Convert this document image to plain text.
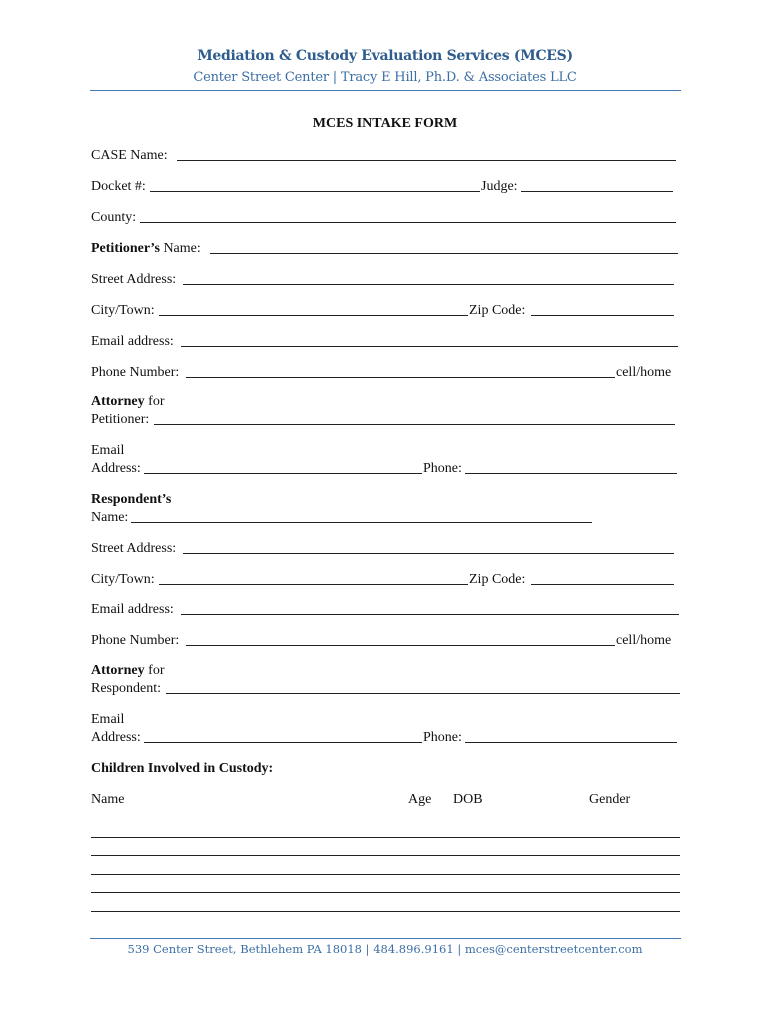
Mediation & Custody Evaluation Services (MCES)
Center Street Center | Tracy E Hill, Ph.D. & Associates LLC
MCES INTAKE FORM
CASE Name:
Docket #:	Judge:
County:
Petitioner’s Name:
Street Address:
City/Town:	Zip Code:
Email address:
Phone Number:	cell/home
Attorney for
Petitioner:
Email
Address:	Phone:
Respondent’s
Name:
Street Address:
City/Town:	Zip Code:
Email address:
Phone Number:	cell/home
Attorney for
Respondent:
Email
Address:	Phone:
Children Involved in Custody:
Name	Age DOB	Gender
539 Center Street, Bethlehem PA 18018 | 484.896.9161 | mces@centerstreetcenter.com
